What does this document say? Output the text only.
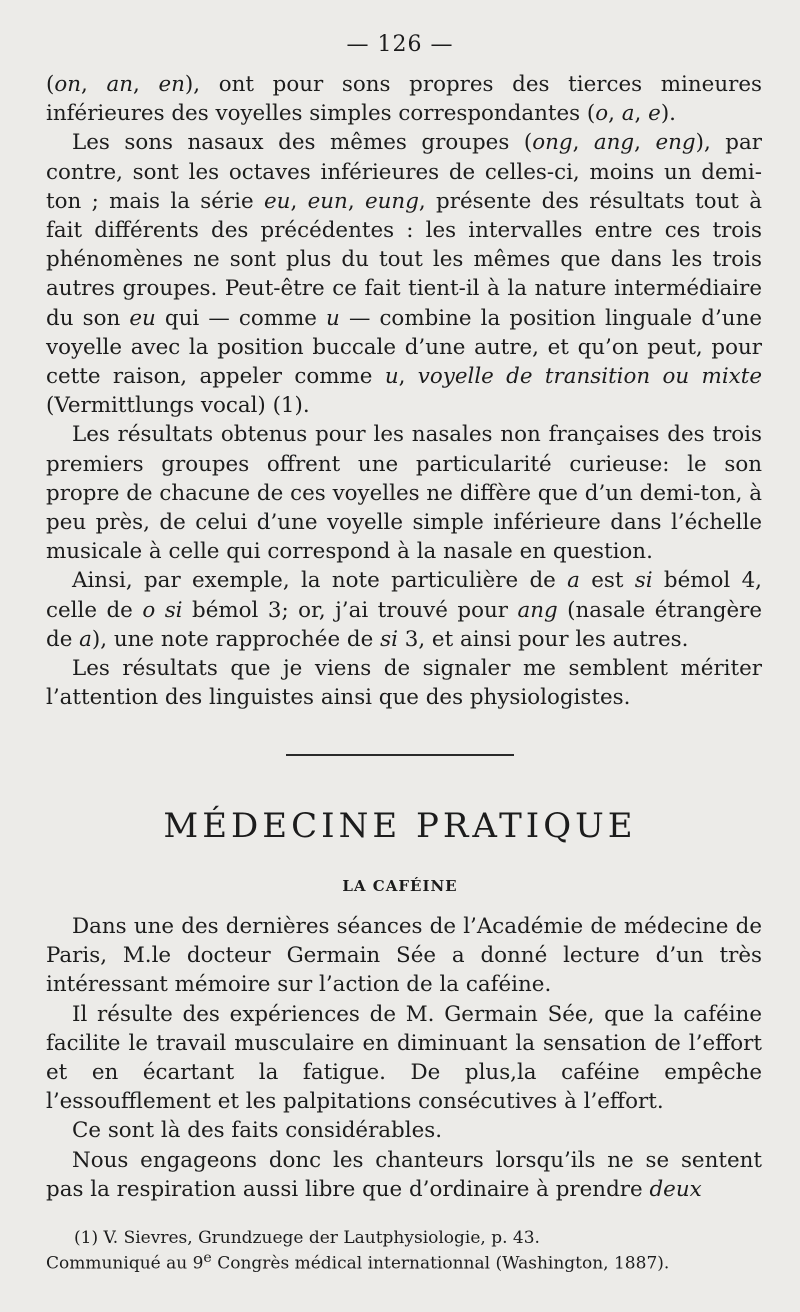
— 126 —

(on, an, en), ont pour sons propres des tierces mineures inférieures des voyelles simples correspondantes (o, a, e).

Les sons nasaux des mêmes groupes (ong, ang, eng), par contre, sont les octaves inférieures de celles-ci, moins un demi-ton ; mais la série eu, eun, eung, présente des résultats tout à fait différents des précédentes : les intervalles entre ces trois phénomènes ne sont plus du tout les mêmes que dans les trois autres groupes. Peut-être ce fait tient-il à la nature intermédiaire du son eu qui — comme u — combine la position linguale d’une voyelle avec la position buccale d’une autre, et qu’on peut, pour cette raison, appeler comme u, voyelle de transition ou mixte (Vermittlungs vocal) (1).

Les résultats obtenus pour les nasales non françaises des trois premiers groupes offrent une particularité curieuse: le son propre de chacune de ces voyelles ne diffère que d’un demi-ton, à peu près, de celui d’une voyelle simple inférieure dans l’échelle musicale à celle qui correspond à la nasale en question.

Ainsi, par exemple, la note particulière de a est si bémol 4, celle de o si bémol 3; or, j’ai trouvé pour ang (nasale étrangère de a), une note rapprochée de si 3, et ainsi pour les autres.

Les résultats que je viens de signaler me semblent mériter l’attention des linguistes ainsi que des physiologistes.

MÉDECINE PRATIQUE
LA CAFÉINE

Dans une des dernières séances de l’Académie de médecine de Paris, M.le docteur Germain Sée a donné lecture d’un très intéressant mémoire sur l’action de la caféine.

Il résulte des expériences de M. Germain Sée, que la caféine facilite le travail musculaire en diminuant la sensation de l’effort et en écartant la fatigue. De plus,la caféine empêche l’essoufflement et les palpitations consécutives à l’effort.

Ce sont là des faits considérables.

Nous engageons donc les chanteurs lorsqu’ils ne se sentent pas la respiration aussi libre que d’ordinaire à prendre deux

(1) V. Sievres, Grundzuege der Lautphysiologie, p. 43.
Communiqué au 9e Congrès médical internationnal (Washington, 1887).
